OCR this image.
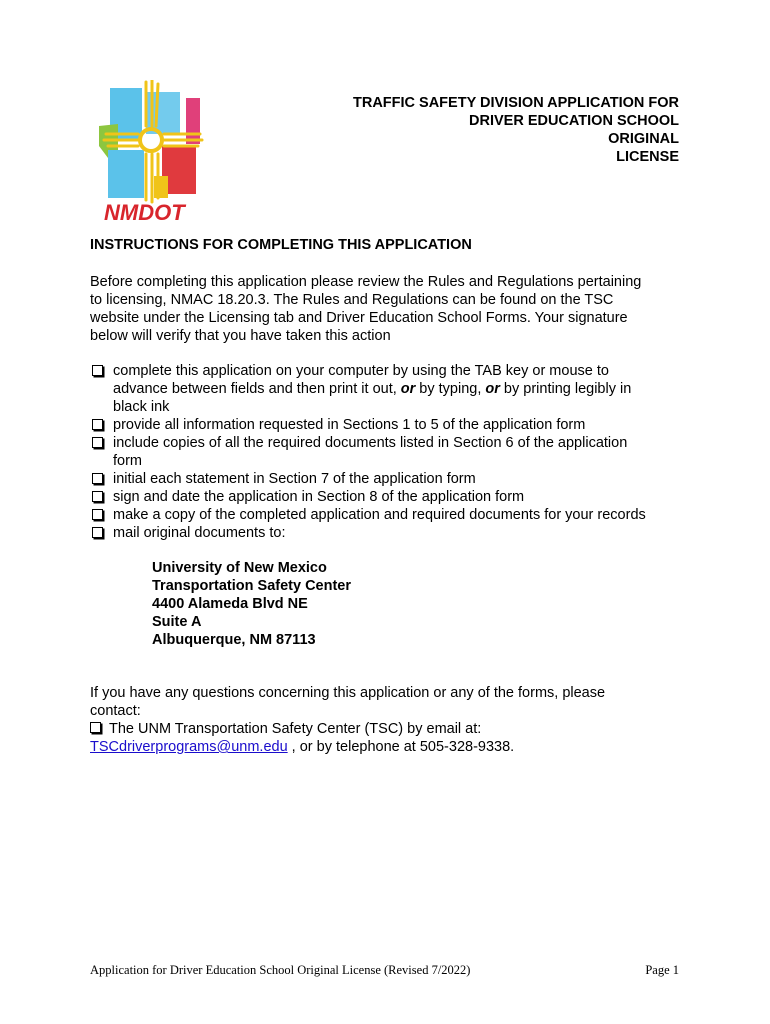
NMDOT
TRAFFIC SAFETY DIVISION APPLICATION FOR
DRIVER EDUCATION SCHOOL
ORIGINAL
LICENSE
INSTRUCTIONS FOR COMPLETING THIS APPLICATION
Before completing this application please review the Rules and Regulations pertaining
to licensing, NMAC 18.20.3. The Rules and Regulations can be found on the TSC
website under the Licensing tab and Driver Education School Forms. Your signature
below will verify that you have taken this action
complete this application on your computer by using the TAB key or mouse to
advance between fields and then print it out, or by typing, or by printing legibly in
black ink
provide all information requested in Sections 1 to 5 of the application form
include copies of all the required documents listed in Section 6 of the application
form
initial each statement in Section 7 of the application form
sign and date the application in Section 8 of the application form
make a copy of the completed application and required documents for your records
mail original documents to:
University of New Mexico
Transportation Safety Center
4400 Alameda Blvd NE
Suite A
Albuquerque, NM 87113
If you have any questions concerning this application or any of the forms, please
contact:
The UNM Transportation Safety Center (TSC) by email at:
TSCdriverprograms@unm.edu , or by telephone at 505-328-9338.
Application for Driver Education School Original License (Revised 7/2022)	Page 1
